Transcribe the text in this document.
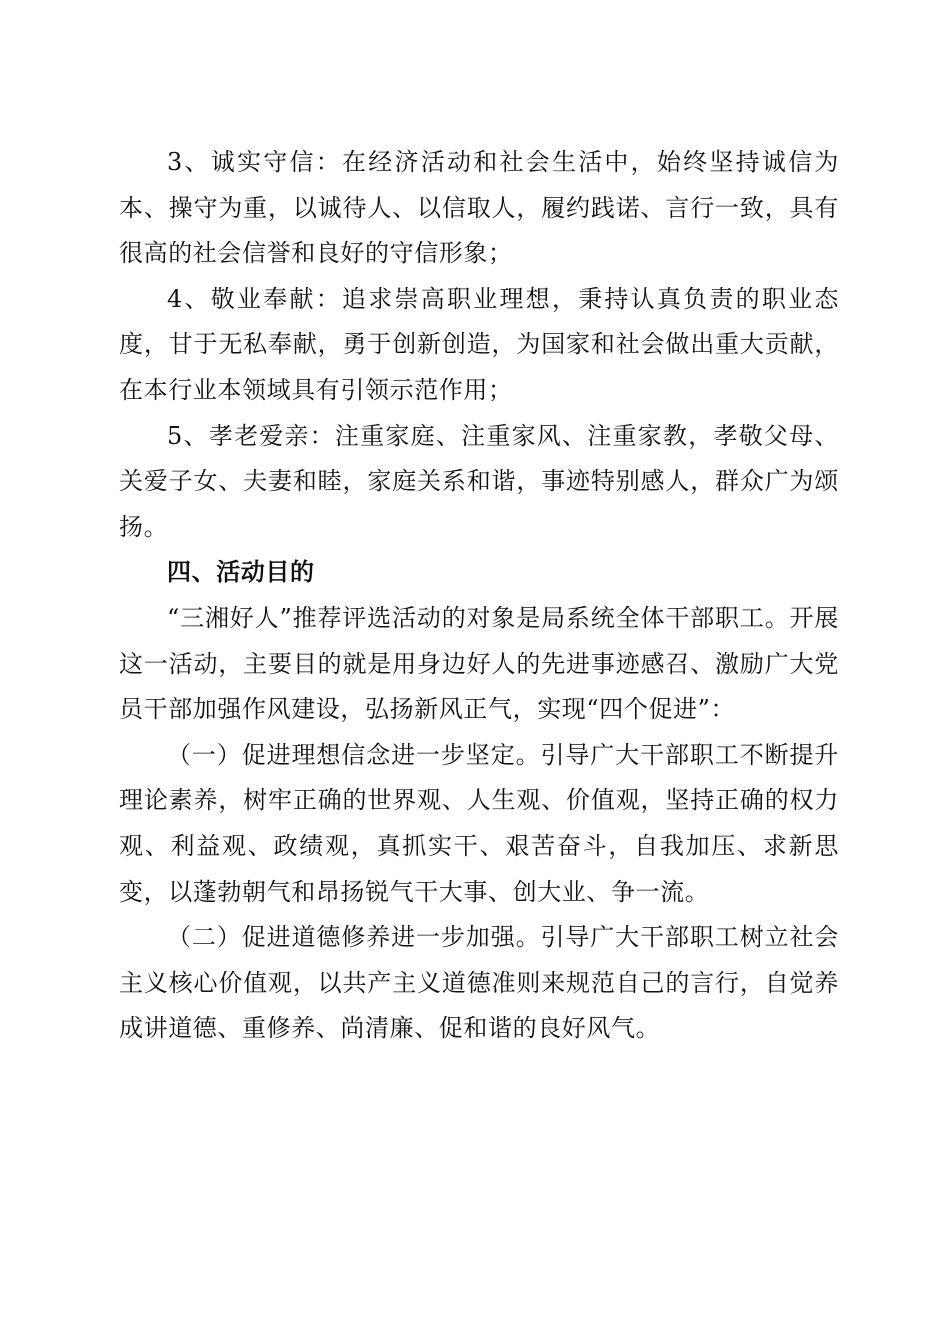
3、诚实守信：在经济活动和社会生活中，始终坚持诚信为本、操守为重，以诚待人、以信取人，履约践诺、言行一致，具有很高的社会信誉和良好的守信形象；

4、敬业奉献：追求崇高职业理想，秉持认真负责的职业态度，甘于无私奉献，勇于创新创造，为国家和社会做出重大贡献，在本行业本领域具有引领示范作用；

5、孝老爱亲：注重家庭、注重家风、注重家教，孝敬父母、关爱子女、夫妻和睦，家庭关系和谐，事迹特别感人，群众广为颂扬。

四、活动目的

“三湘好人”推荐评选活动的对象是局系统全体干部职工。开展这一活动，主要目的就是用身边好人的先进事迹感召、激励广大党员干部加强作风建设，弘扬新风正气，实现“四个促进”：

（一）促进理想信念进一步坚定。引导广大干部职工不断提升理论素养，树牢正确的世界观、人生观、价值观，坚持正确的权力观、利益观、政绩观，真抓实干、艰苦奋斗，自我加压、求新思变，以蓬勃朝气和昂扬锐气干大事、创大业、争一流。

（二）促进道德修养进一步加强。引导广大干部职工树立社会主义核心价值观，以共产主义道德准则来规范自己的言行，自觉养成讲道德、重修养、尚清廉、促和谐的良好风气。
